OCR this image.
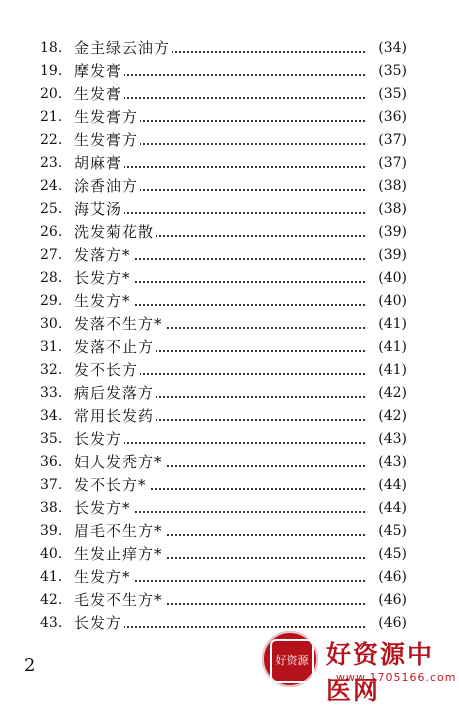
18. 金主绿云油方	(34)
19. 摩发膏	(35)
20. 生发膏	(35)
21. 生发膏方	(36)
22. 生发膏方	(37)
23. 胡麻膏	(37)
24. 涂香油方	(38)
25. 海艾汤	(38)
26. 洗发菊花散	(39)
27. 发落方*	(39)
28. 长发方*	(40)
29. 生发方*	(40)
30. 发落不生方*	(41)
31. 发落不止方	(41)
32. 发不长方	(41)
33. 病后发落方	(42)
34. 常用长发药	(42)
35. 长发方	(43)
36. 妇人发秃方*	(43)
37. 发不长方*	(44)
38. 长发方*	(44)
39. 眉毛不生方*	(45)
40. 生发止痒方*	(45)
41. 生发方*	(46)
42. 毛发不生方*	(46)
43. 长发方	(46)
2	好资源 好资源中医网
www.1705166.com
